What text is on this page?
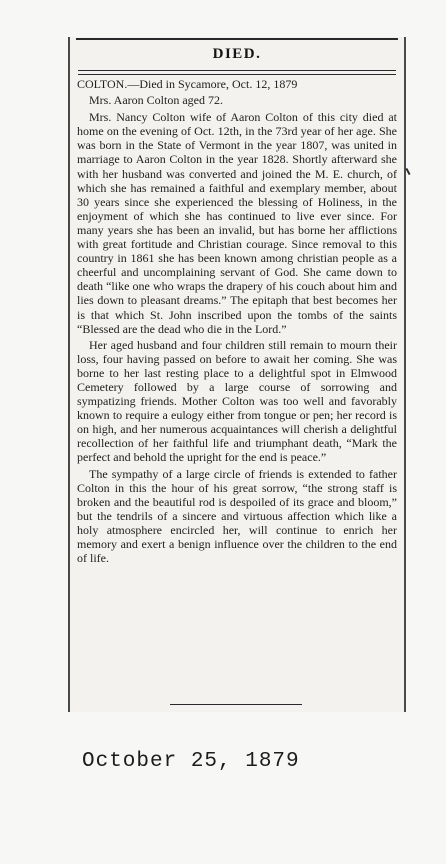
DIED.

COLTON.—Died in Sycamore, Oct. 12, 1879

Mrs. Aaron Colton aged 72.

Mrs. Nancy Colton wife of Aaron Colton of this city died at home on the evening of Oct. 12th, in the 73rd year of her age. She was born in the State of Vermont in the year 1807, was united in marriage to Aaron Colton in the year 1828. Shortly afterward she with her husband was converted and joined the M. E. church, of which she has remained a faithful and exemplary member, about 30 years since she experienced the blessing of Holiness, in the enjoyment of which she has continued to live ever since. For many years she has been an invalid, but has borne her afflictions with great fortitude and Christian courage. Since removal to this country in 1861 she has been known among christian people as a cheerful and uncomplaining servant of God. She came down to death “like one who wraps the drapery of his couch about him and lies down to pleasant dreams.” The epitaph that best becomes her is that which St. John inscribed upon the tombs of the saints “Blessed are the dead who die in the Lord.”

Her aged husband and four children still remain to mourn their loss, four having passed on before to await her coming. She was borne to her last resting place to a delightful spot in Elmwood Cemetery followed by a large course of sorrowing and sympatizing friends. Mother Colton was too well and favorably known to require a eulogy either from tongue or pen; her record is on high, and her numerous acquaintances will cherish a delightful recollection of her faithful life and triumphant death, “Mark the perfect and behold the upright for the end is peace.”

The sympathy of a large circle of friends is extended to father Colton in this the hour of his great sorrow, “the strong staff is broken and the beautiful rod is despoiled of its grace and bloom,” but the tendrils of a sincere and virtuous affection which like a holy atmosphere encircled her, will continue to enrich her memory and exert a benign influence over the children to the end of life.

October 25, 1879
